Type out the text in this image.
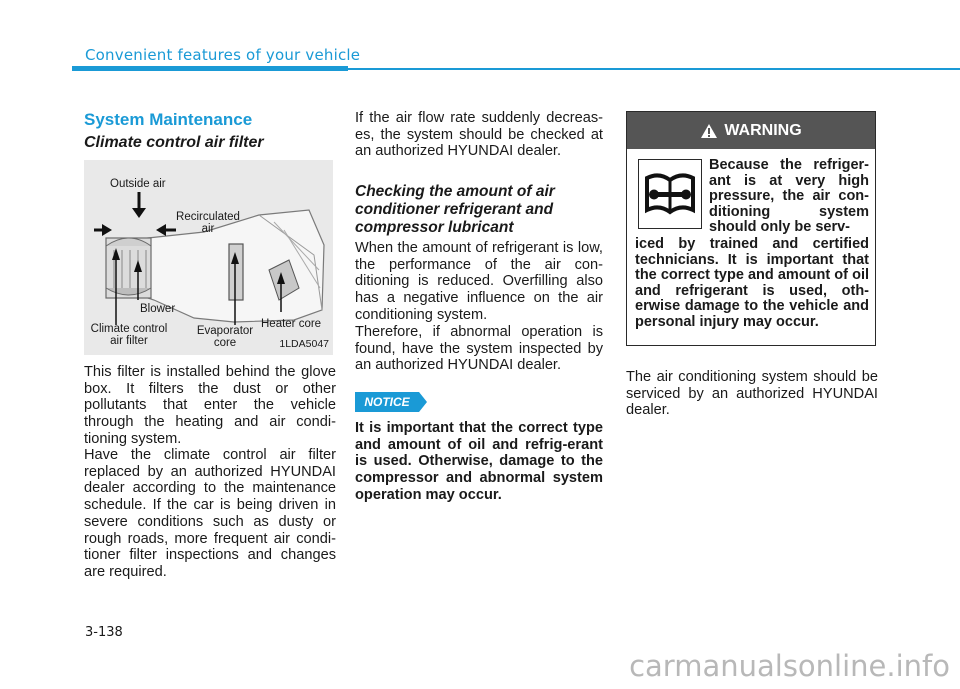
Convenient features of your vehicle
System Maintenance
Climate control air filter
Outside air
Recirculated
air
Blower
Climate control
air filter
Evaporator
core
Heater core
1LDA5047

This filter is installed behind the glove box. It filters the dust or other pollutants that enter the vehicle through the heating and air condi-tioning system.

Have the climate control air filter replaced by an authorized HYUNDAI dealer according to the maintenance schedule. If the car is being driven in severe conditions such as dusty or rough roads, more frequent air condi-tioner filter inspections and changes are required.

If the air flow rate suddenly decreas-es, the system should be checked at an authorized HYUNDAI dealer.

Checking the amount of air conditioner refrigerant and compressor lubricant

When the amount of refrigerant is low, the performance of the air con-ditioning is reduced. Overfilling also has a negative influence on the air conditioning system.

Therefore, if abnormal operation is found, have the system inspected by an authorized HYUNDAI dealer.

NOTICE

It is important that the correct type and amount of oil and refrig-erant is used. Otherwise, damage to the compressor and abnormal system operation may occur.

WARNING
Because the refriger-ant is at very high pressure, the air con-ditioning system should only be serv-
iced by trained and certified technicians. It is important that the correct type and amount of oil and refrigerant is used, oth-erwise damage to the vehicle and personal injury may occur.

The air conditioning system should be serviced by an authorized HYUNDAI dealer.

3-138
carmanualsonline.info
